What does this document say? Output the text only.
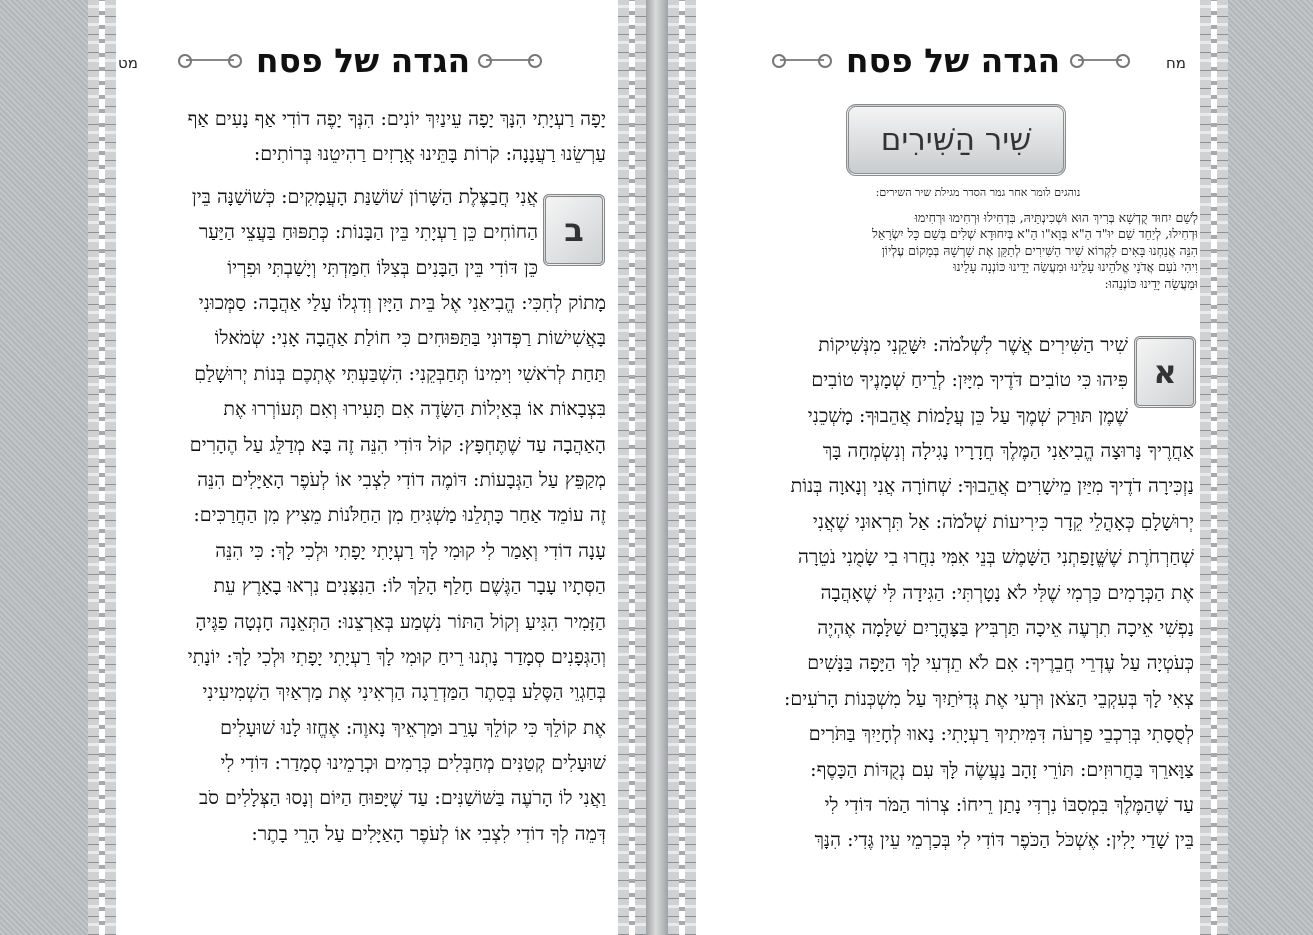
מט	הגדה של פסח
יָפָה רַעְיָתִי הִנָּךְ יָפָה עֵינַיִךְ יוֹנִים: הִנְּךָ יָפֶה דוֹדִי אַף נָעִים אַף
עַרְשֵׂנוּ רַעֲנָנָה: קֹרוֹת בָּתֵּינוּ אֲרָזִים רַהִיטֵנוּ בְּרוֹתִים:
ב
אֲנִי חֲבַצֶּלֶת הַשָּׁרוֹן שׁוֹשַׁנַּת הָעֲמָקִים: כְּשׁוֹשַׁנָּה בֵּין
הַחוֹחִים כֵּן רַעְיָתִי בֵּין הַבָּנוֹת: כְּתַפּוּחַ בַּעֲצֵי הַיַּעַר
כֵּן דּוֹדִי בֵּין הַבָּנִים בְּצִלּוֹ חִמַּדְתִּי וְיָשַׁבְתִּי וּפִרְיוֹ
מָתוֹק לְחִכִּי: הֱבִיאַנִי אֶל בֵּית הַיָּיִן וְדִגְלוֹ עָלַי אַהֲבָה: סַמְּכוּנִי
בָּאֲשִׁישׁוֹת רַפְּדוּנִי בַּתַּפּוּחִים כִּי חוֹלַת אַהֲבָה אָנִי: שְׂמֹאלוֹ
תַּחַת לְרֹאשִׁי וִימִינוֹ תְּחַבְּקֵנִי: הִשְׁבַּעְתִּי אֶתְכֶם בְּנוֹת יְרוּשָׁלַםִ
בִּצְבָאוֹת אוֹ בְּאַיְלוֹת הַשָּׂדֶה אִם תָּעִירוּ וְאִם תְּעוֹרְרוּ אֶת
הָאַהֲבָה עַד שֶׁתֶּחְפָּץ: קוֹל דּוֹדִי הִנֵּה זֶה בָּא מְדַלֵּג עַל הֶהָרִים
מְקַפֵּץ עַל הַגְּבָעוֹת: דּוֹמֶה דוֹדִי לִצְבִי אוֹ לְעֹפֶר הָאַיָּלִים הִנֵּה
זֶה עוֹמֵד אַחַר כָּתְלֵנוּ מַשְׁגִּיחַ מִן הַחַלֹּנוֹת מֵצִיץ מִן הַחֲרַכִּים:
עָנָה דוֹדִי וְאָמַר לִי קוּמִי לָךְ רַעְיָתִי יָפָתִי וּלְכִי לָךְ: כִּי הִנֵּה
הַסְּתָיו עָבָר הַגֶּשֶׁם חָלַף הָלַךְ לוֹ: הַנִּצָּנִים נִרְאוּ בָאָרֶץ עֵת
הַזָּמִיר הִגִּיעַ וְקוֹל הַתּוֹר נִשְׁמַע בְּאַרְצֵנוּ: הַתְּאֵנָה חָנְטָה פַגֶּיהָ
וְהַגְּפָנִים סְמָדַר נָתְנוּ רֵיחַ קוּמִי לָךְ רַעְיָתִי יָפָתִי וּלְכִי לָךְ: יוֹנָתִי
בְּחַגְוֵי הַסֶּלַע בְּסֵתֶר הַמַּדְרֵגָה הַרְאִינִי אֶת מַרְאַיִךְ הַשְׁמִיעִינִי
אֶת קוֹלֵךְ כִּי קוֹלֵךְ עָרֵב וּמַרְאֵיךְ נָאוֶה: אֶחֱזוּ לָנוּ שׁוּעָלִים
שׁוּעָלִים קְטַנִּים מְחַבְּלִים כְּרָמִים וּכְרָמֵינוּ סְמָדַר: דּוֹדִי לִי
וַאֲנִי לוֹ הָרֹעֶה בַּשּׁוֹשַׁנִּים: עַד שֶׁיָּפוּחַ הַיּוֹם וְנָסוּ הַצְּלָלִים סֹב
דְּמֵה לְךָ דוֹדִי לִצְבִי אוֹ לְעֹפֶר הָאַיָּלִים עַל הָרֵי בָתֶר:
מח
הגדה של פסח
שִׁיר הַשִּׁירִים
נוהגים לומר אחר גמר הסדר מגילת שיר השירים:
לְשֵׁם יִחוּד קֻדְשָׁא בְּרִיךְ הוּא וּשְׁכִינְתֵּיהּ, בִּדְחִילוּ וּרְחִימוּ וּרְחִימוּ
וּדְחִילוּ, לְיַחֵד שֵׁם יוּ"ד הֵ"א בְּוָא"ו הֵ"א בְּיִחוּדָא שְׁלִים בְּשֵׁם כָּל יִשְׂרָאֵל
הִנֵּה אֲנַחְנוּ בָּאִים לִקְרוֹא שִׁיר הַשִּׁירִים לְתַקֵּן אֶת שָׁרְשָׁהּ בְּמָקוֹם עֶלְיוֹן
וִיהִי נֹעַם אֲדֹנָי אֱלֹהֵינוּ עָלֵינוּ וּמַעֲשֵׂה יָדֵינוּ כּוֹנְנָה עָלֵינוּ
וּמַעֲשֵׂה יָדֵינוּ כּוֹנְנֵהוּ:
א
שִׁיר הַשִּׁירִים אֲשֶׁר לִשְׁלֹמֹה: יִשָּׁקֵנִי מִנְּשִׁיקוֹת
פִּיהוּ כִּי טוֹבִים דֹּדֶיךָ מִיָּיִן: לְרֵיחַ שְׁמָנֶיךָ טוֹבִים
שֶׁמֶן תּוּרַק שְׁמֶךָ עַל כֵּן עֲלָמוֹת אֲהֵבוּךָ: מָשְׁכֵנִי
אַחֲרֶיךָ נָּרוּצָה הֱבִיאַנִי הַמֶּלֶךְ חֲדָרָיו נָגִילָה וְנִשְׂמְחָה בָּךְ
נַזְכִּירָה דֹדֶיךָ מִיַּיִן מֵישָׁרִים אֲהֵבוּךָ: שְׁחוֹרָה אֲנִי וְנָאוָה בְּנוֹת
יְרוּשָׁלָםִ כְּאָהֳלֵי קֵדָר כִּירִיעוֹת שְׁלֹמֹה: אַל תִּרְאוּנִי שֶׁאֲנִי
שְׁחַרְחֹרֶת שֶׁשֱּׁזָפַתְנִי הַשָּׁמֶשׁ בְּנֵי אִמִּי נִחֲרוּ בִי שָׂמֻנִי נֹטֵרָה
אֶת הַכְּרָמִים כַּרְמִי שֶׁלִּי לֹא נָטָרְתִּי: הַגִּידָה לִּי שֶׁאָהֲבָה
נַפְשִׁי אֵיכָה תִרְעֶה אֵיכָה תַּרְבִּיץ בַּצָּהֳרָיִם שַׁלָּמָה אֶהְיֶה
כְּעֹטְיָה עַל עֶדְרֵי חֲבֵרֶיךָ: אִם לֹא תֵדְעִי לָךְ הַיָּפָה בַּנָּשִׁים
צְאִי לָךְ בְּעִקְבֵי הַצֹּאן וּרְעִי אֶת גְּדִיֹּתַיִךְ עַל מִשְׁכְּנוֹת הָרֹעִים:
לְסֻסָתִי בְּרִכְבֵי פַרְעֹה דִּמִּיתִיךְ רַעְיָתִי: נָאווּ לְחָיַיִךְ בַּתֹּרִים
צַוָּארֵךְ בַּחֲרוּזִים: תּוֹרֵי זָהָב נַעֲשֶׂה לָּךְ עִם נְקֻדּוֹת הַכָּסֶף:
עַד שֶׁהַמֶּלֶךְ בִּמְסִבּוֹ נִרְדִּי נָתַן רֵיחוֹ: צְרוֹר הַמֹּר דּוֹדִי לִי
בֵּין שָׁדַי יָלִין: אֶשְׁכֹּל הַכֹּפֶר דּוֹדִי לִי בְּכַרְמֵי עֵין גֶּדִי: הִנָּךְ
